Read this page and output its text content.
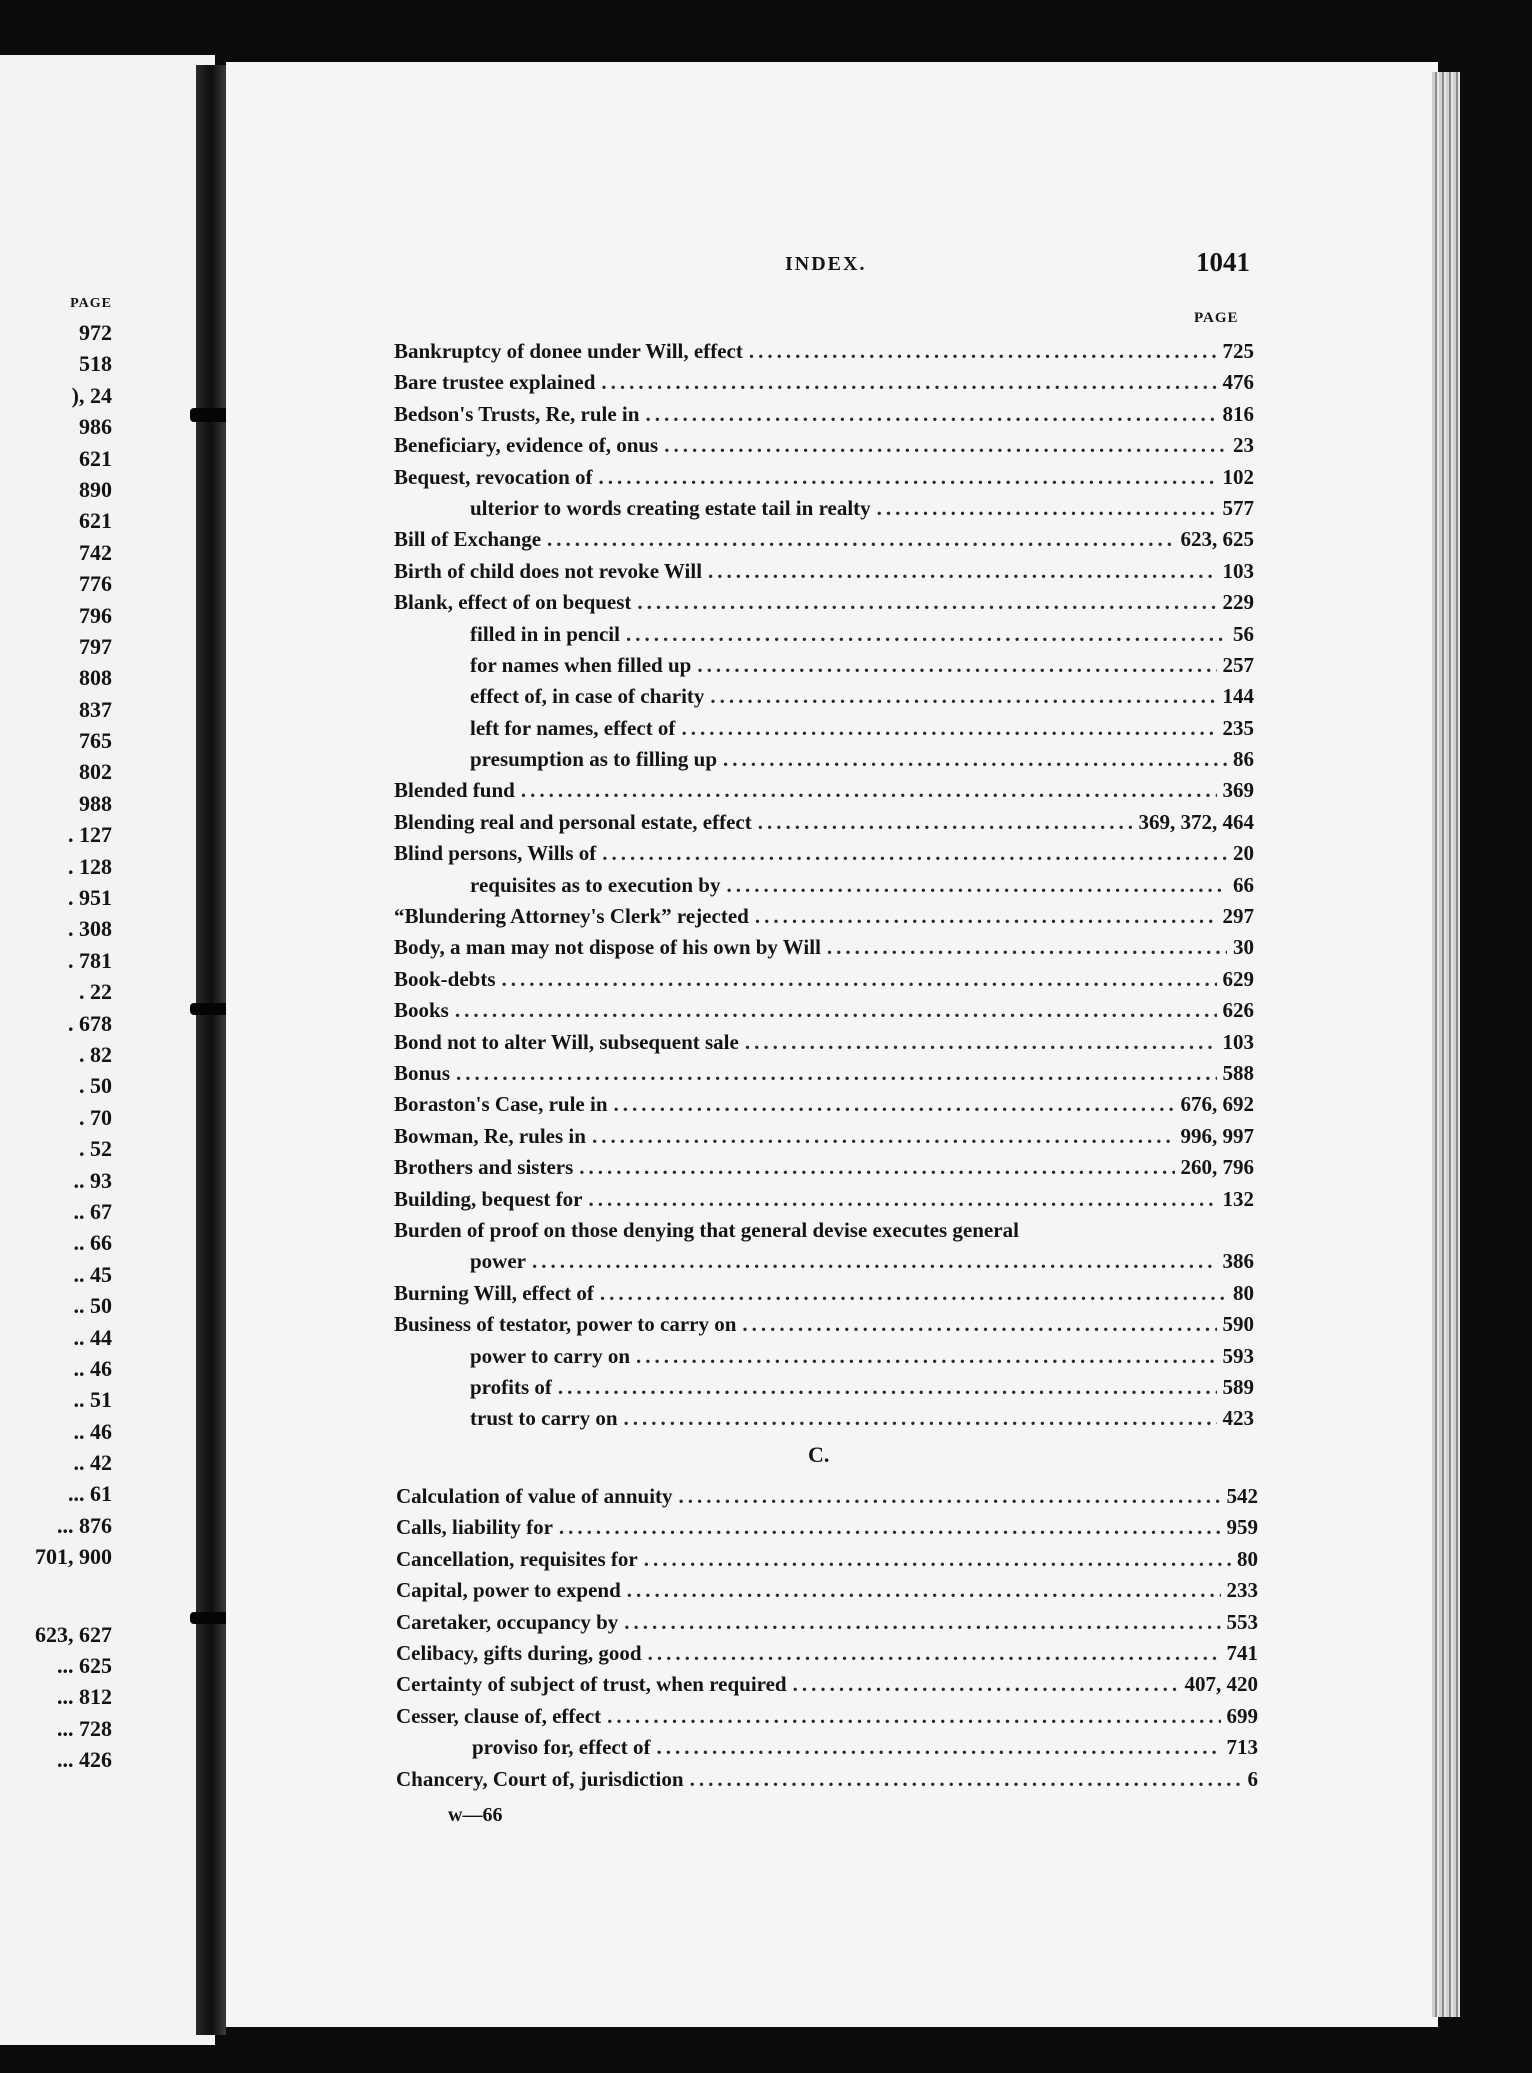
PAGE
972
518
), 24
986
621
890
621
742
776
796
797
808
837
765
802
988
. 127
. 128
. 951
. 308
. 781
. 22
. 678
. 82
. 50
. 70
. 52
.. 93
.. 67
.. 66
.. 45
.. 50
.. 44
.. 46
.. 51
.. 46
.. 42
... 61
... 876
701, 900
623, 627
... 625
... 812
... 728
... 426
INDEX.	1041
PAGE
Bankruptcy of donee under Will, effect .....	725
Bare trustee explained .....	476
Bedson's Trusts, Re, rule in .....	816
Beneficiary, evidence of, onus .....	23
Bequest, revocation of .....	102
ulterior to words creating estate tail in realty .....	577
Bill of Exchange .....	623, 625
Birth of child does not revoke Will .....	103
Blank, effect of on bequest .....	229
filled in in pencil .....	56
for names when filled up .....	257
effect of, in case of charity .....	144
left for names, effect of .....	235
presumption as to filling up .....	86
Blended fund .....	369
Blending real and personal estate, effect .....	369, 372, 464
Blind persons, Wills of .....	20
requisites as to execution by .....	66
“Blundering Attorney's Clerk” rejected .....	297
Body, a man may not dispose of his own by Will .....	30
Book-debts .....	629
Books .....	626
Bond not to alter Will, subsequent sale .....	103
Bonus .....	588
Boraston's Case, rule in .....	676, 692
Bowman, Re, rules in .....	996, 997
Brothers and sisters .....	260, 796
Building, bequest for .....	132
Burden of proof on those denying that general devise executes general
power .....	386
Burning Will, effect of .....	80
Business of testator, power to carry on .....	590
power to carry on .....	593
profits of .....	589
trust to carry on .....	423
C.
Calculation of value of annuity .....	542
Calls, liability for .....	959
Cancellation, requisites for .....	80
Capital, power to expend .....	233
Caretaker, occupancy by .....	553
Celibacy, gifts during, good .....	741
Certainty of subject of trust, when required .....	407, 420
Cesser, clause of, effect .....	699
proviso for, effect of .....	713
Chancery, Court of, jurisdiction .....	6
w—66
